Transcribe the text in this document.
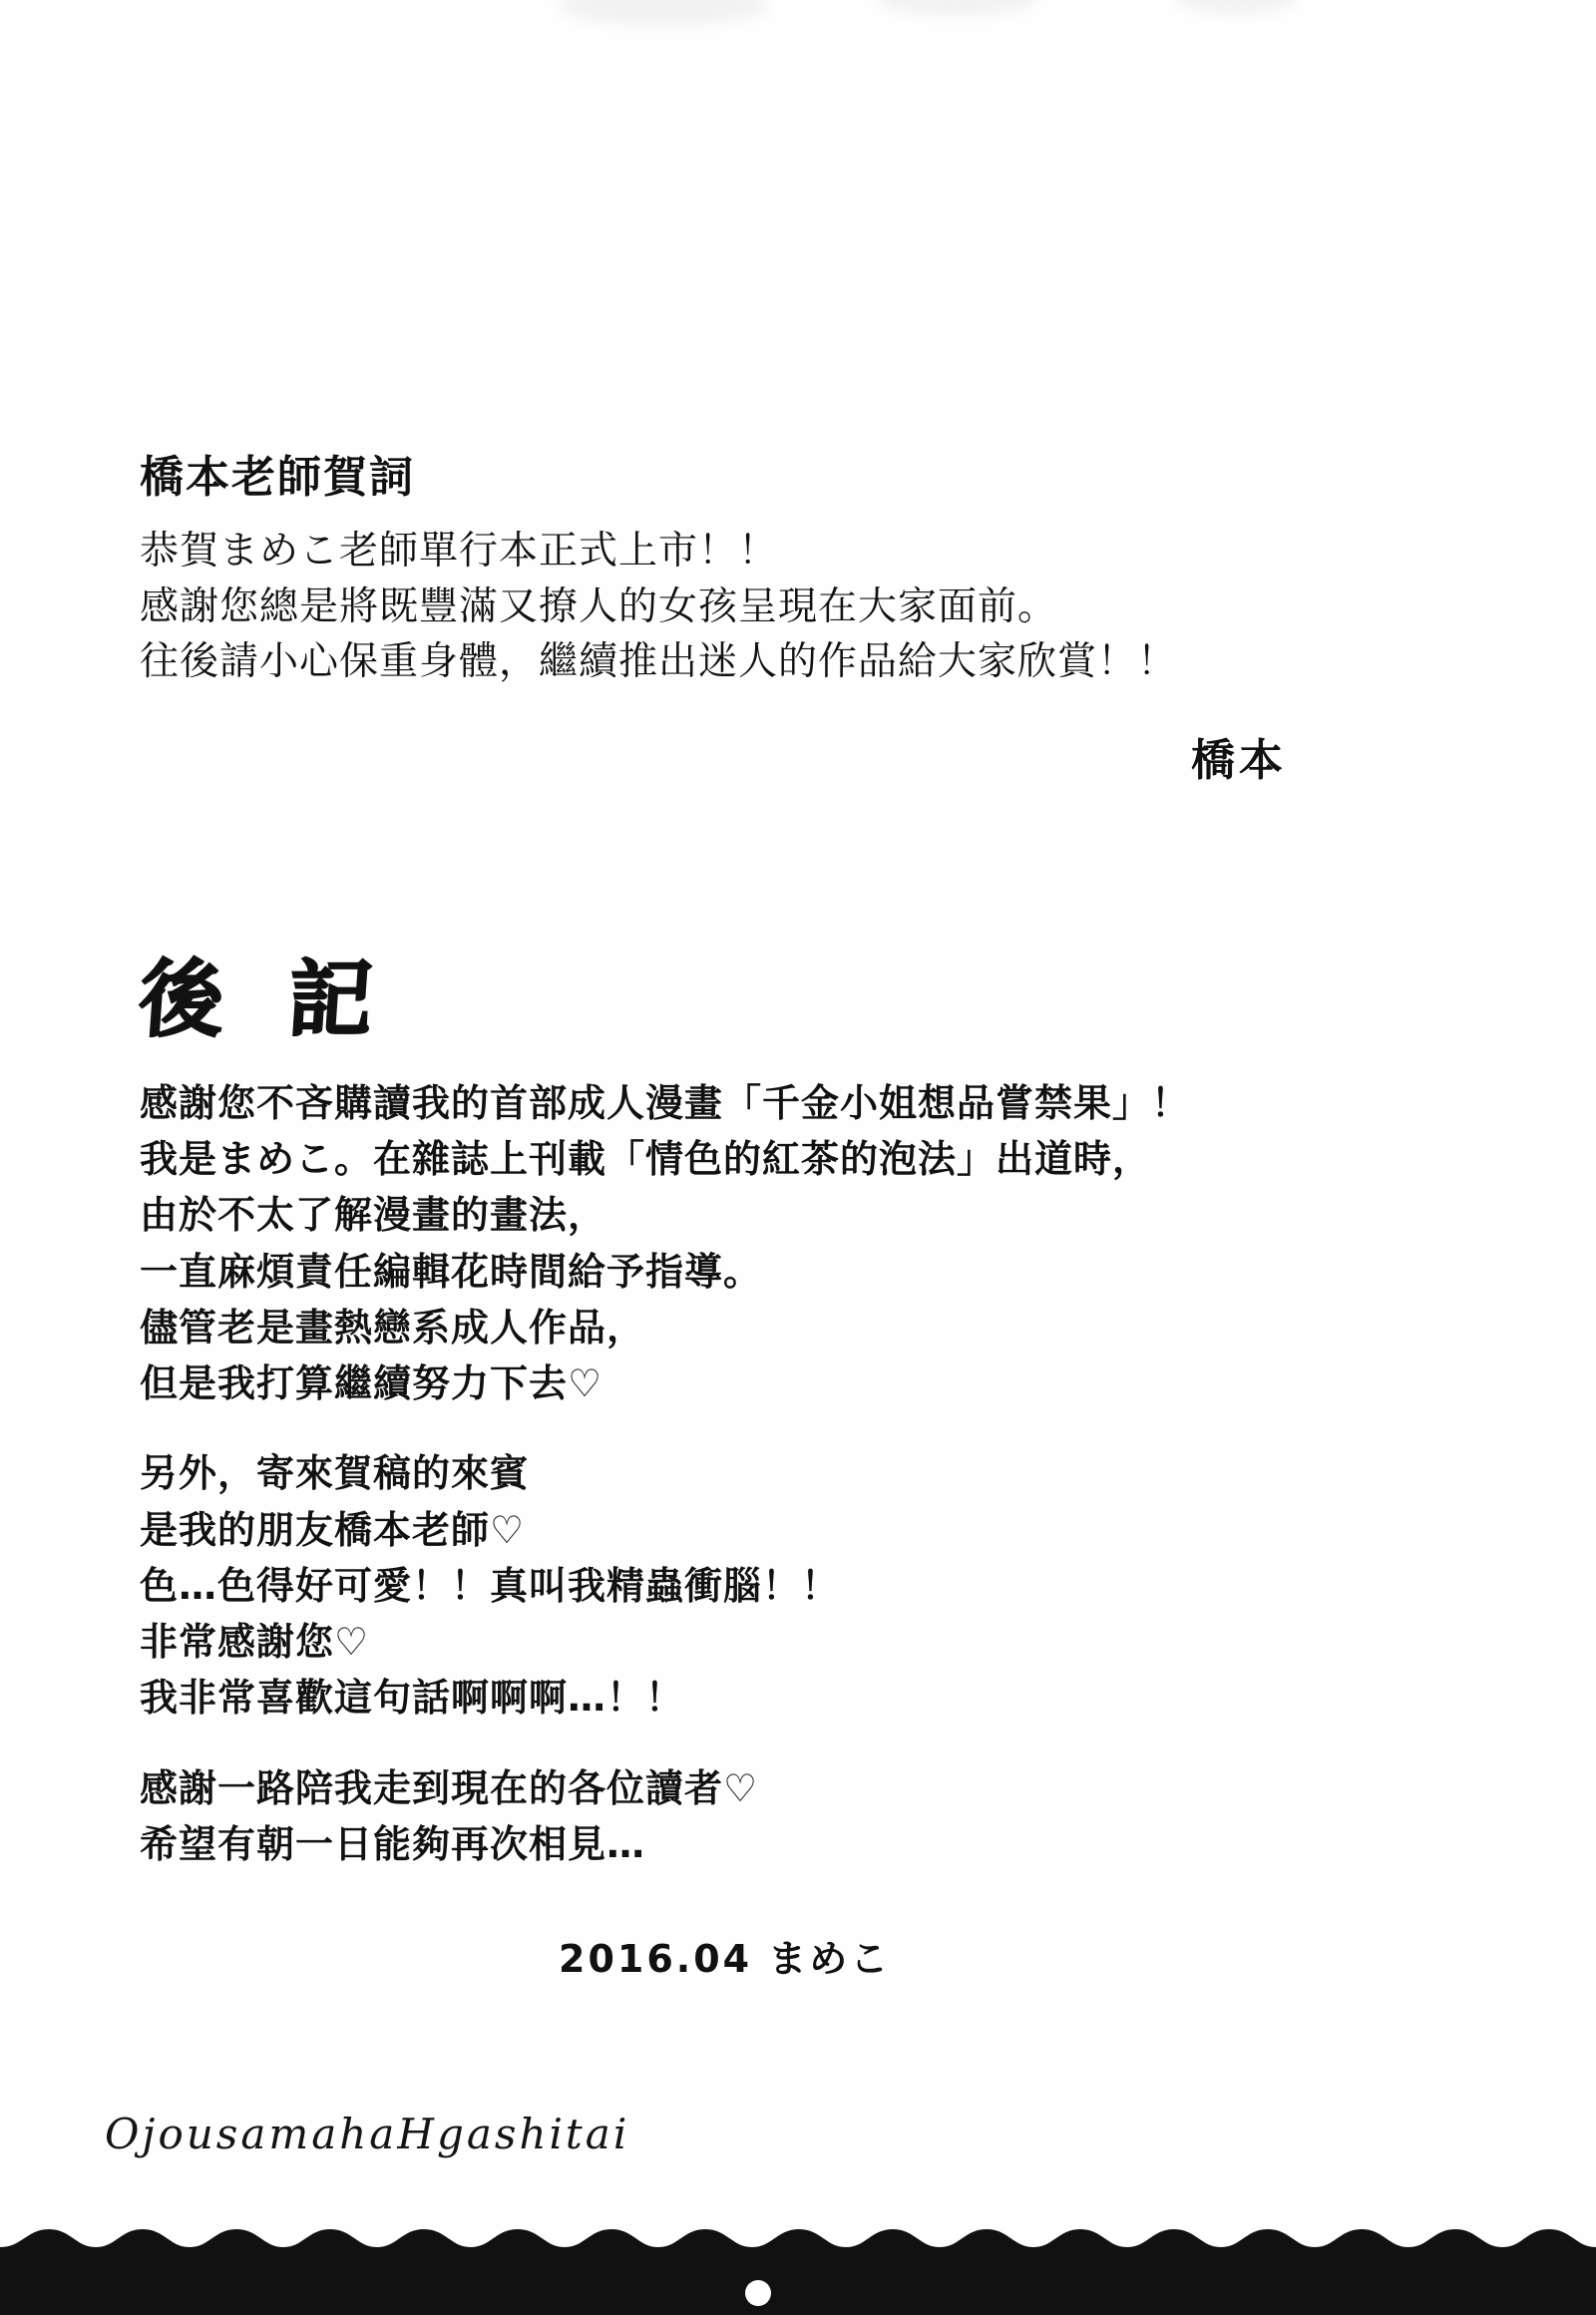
橋本老師賀詞
恭賀まめこ老師單行本正式上市！！
感謝您總是將既豐滿又撩人的女孩呈現在大家面前。
往後請小心保重身體，繼續推出迷人的作品給大家欣賞！！
橋本
後 記
感謝您不吝購讀我的首部成人漫畫「千金小姐想品嘗禁果」！
我是まめこ。在雜誌上刊載「情色的紅茶的泡法」出道時，
由於不太了解漫畫的畫法，
一直麻煩責任編輯花時間給予指導。
儘管老是畫熱戀系成人作品，
但是我打算繼續努力下去♡
另外，寄來賀稿的來賓
是我的朋友橋本老師♡
色…色得好可愛！！真叫我精蟲衝腦！！
非常感謝您♡
我非常喜歡這句話啊啊啊…！！
感謝一路陪我走到現在的各位讀者♡
希望有朝一日能夠再次相見…
2016.04 まめこ
OjousamahaHgashitai
